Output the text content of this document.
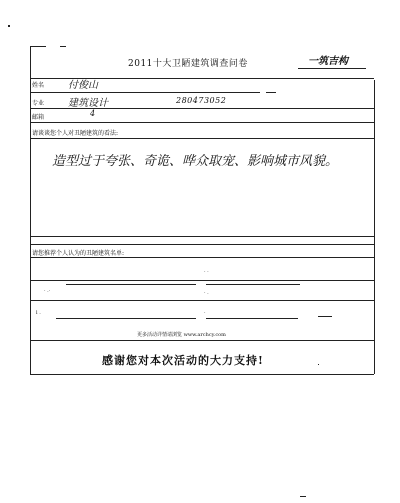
2011十大卫陋建筑调查问卷	一筑吉构
姓名 付俊山
专业 建筑设计	280473052
邮箱	4
请谈谈您个人对丑陋建筑的看法:
造型过于夸张、奇诡、哗众取宠、影响城市风貌。
请您推荐个人认为的丑陋建筑名单:
. .
· .·	· .
l .	·
更多活动详情请浏览 www.archcy.com
感谢您对本次活动的大力支持!
